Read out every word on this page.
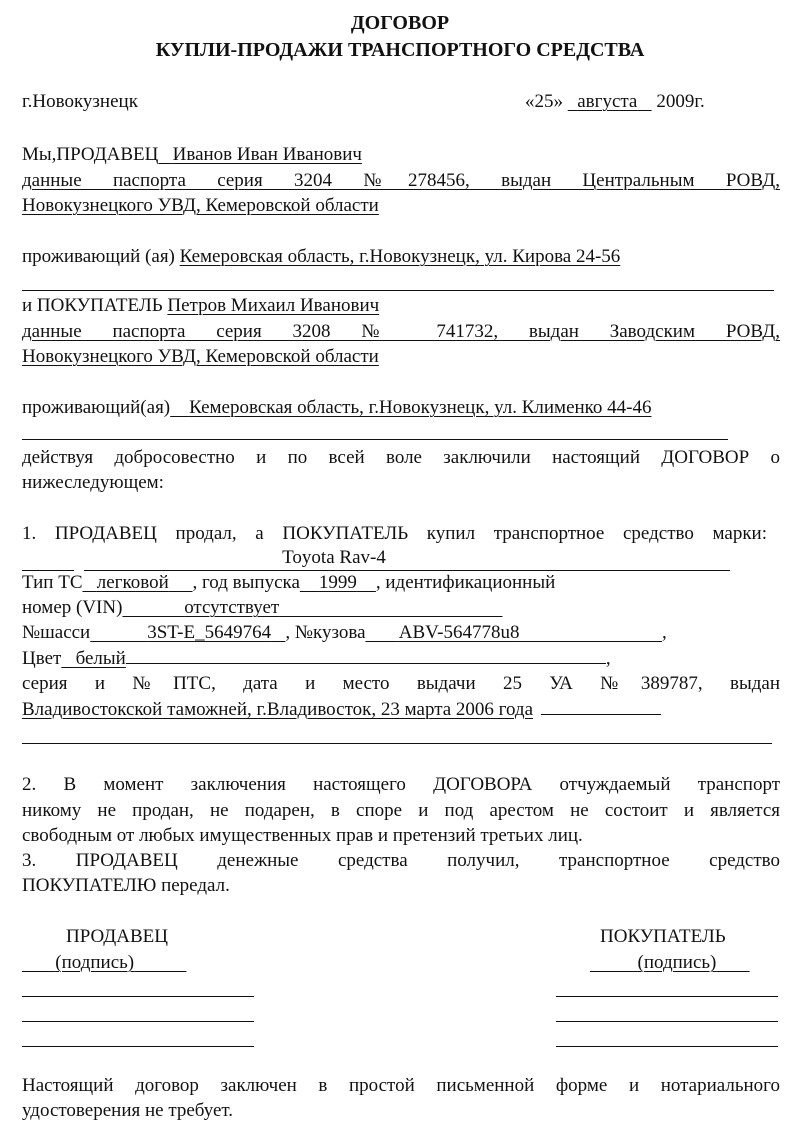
ДОГОВОР
КУПЛИ-ПРОДАЖИ ТРАНСПОРТНОГО СРЕДСТВА
г.Новокузнецк	«25» августа 2009г.
Мы,ПРОДАВЕЦ Иванов Иван Иванович
данные паспорта серия 3204 №278456, выдан Центральным РОВД,
Новокузнецкого УВД, Кемеровской области
проживающий (ая) Кемеровская область, г.Новокузнецк, ул. Кирова 24-56
и ПОКУПАТЕЛЬ Петров Михаил Иванович
данные паспорта серия 3208 № 741732, выдан Заводским РОВД,
Новокузнецкого УВД, Кемеровской области
проживающий(ая) Кемеровская область, г.Новокузнецк, ул. Клименко 44-46
действуя добросовестно и по всей воле заключили настоящий ДОГОВОР о
нижеследующем:
1. ПРОДАВЕЦ продал, а ПОКУПАТЕЛЬ купил транспортное средство марки:
Toyota Rav-4
Тип ТС легковой , год выпуска 1999 , идентификационный
номер (VIN)	отсутствует
№шасси	3ST-E_5649764 , №кузова ABV-564778u8	,
Цвет белый	,
серия и №ПТС, дата и место выдачи 25 УА №389787, выдан
Владивостокской таможней, г.Владивосток, 23 марта 2006 года
2. В момент заключения настоящего ДОГОВОРА отчуждаемый транспорт
никому не продан, не подарен, в споре и под арестом не состоит и является
свободным от любых имущественных прав и претензий третьих лиц.
3. ПРОДАВЕЦ денежные средства получил, транспортное средство
ПОКУПАТЕЛЮ передал.
ПРОДАВЕЦ	ПОКУПАТЕЛЬ
(подпись)	(подпись)
Настоящий договор заключен в простой письменной форме и нотариального
удостоверения не требует.
